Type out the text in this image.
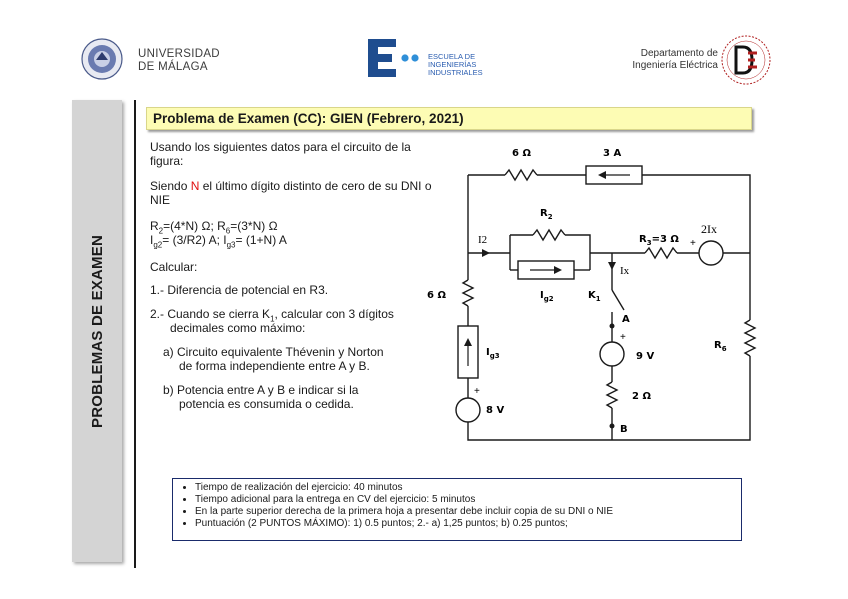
UNIVERSIDAD
DE MÁLAGA
ESCUELA DE
INGENIERÍAS
INDUSTRIALES
Departamento de
Ingeniería Eléctrica
PROBLEMAS DE EXAMEN
Problema de Examen (CC): GIEN (Febrero, 2021)
Usando los siguientes datos para el circuito de la figura:
Siendo N el último dígito distinto de cero de su DNI o NIE
$R_2=(4*N)$ Ω; $R_6=(3*N)$ Ω
$I_{g2}= (3/R2)$ A; $I_{g3}= (1+N)$ A
Calcular:
1.- Diferencia de potencial en R3.
2.- Cuando se cierra $K_1$, calcular con 3 dígitos
decimales como máximo:
a) Circuito equivalente Thévenin y Norton
de forma independiente entre A y B.
b) Potencia entre A y B e indicar si la
potencia es consumida o cedida.
6 Ω	3 A
$R_2$
I2	$R_3=3$ Ω
2Ix
+
Ix
6 Ω	$I_{g2}$	$K_1$
A
+
9 V
$R_6$
$I_{g3}$
+
8 V
2 Ω
B
• Tiempo de realización del ejercicio: 40 minutos
• Tiempo adicional para la entrega en CV del ejercicio: 5 minutos
• En la parte superior derecha de la primera hoja a presentar debe incluir copia de su DNI o NIE
• Puntuación (2 PUNTOS MÁXIMO): 1) 0.5 puntos; 2.- a) 1,25 puntos; b) 0.25 puntos;
